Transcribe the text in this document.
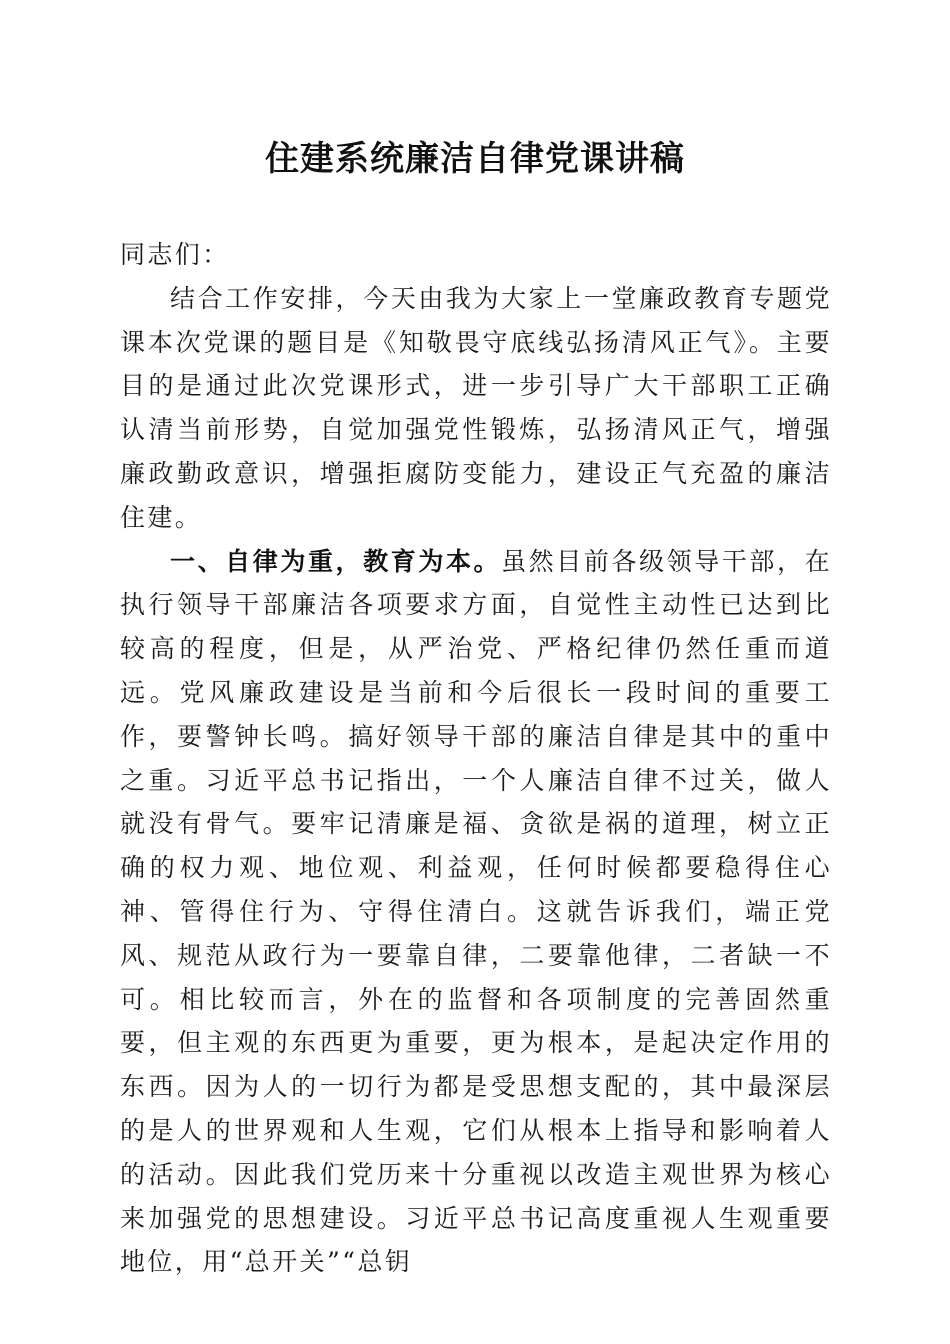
住建系统廉洁自律党课讲稿

同志们：

结合工作安排，今天由我为大家上一堂廉政教育专题党课本次党课的题目是《知敬畏守底线弘扬清风正气》。主要目的是通过此次党课形式，进一步引导广大干部职工正确认清当前形势，自觉加强党性锻炼，弘扬清风正气，增强廉政勤政意识，增强拒腐防变能力，建设正气充盈的廉洁住建。

一、自律为重，教育为本。虽然目前各级领导干部，在执行领导干部廉洁各项要求方面，自觉性主动性已达到比较高的程度，但是，从严治党、严格纪律仍然任重而道远。党风廉政建设是当前和今后很长一段时间的重要工作，要警钟长鸣。搞好领导干部的廉洁自律是其中的重中之重。习近平总书记指出，一个人廉洁自律不过关，做人就没有骨气。要牢记清廉是福、贪欲是祸的道理，树立正确的权力观、地位观、利益观，任何时候都要稳得住心神、管得住行为、守得住清白。这就告诉我们，端正党风、规范从政行为一要靠自律，二要靠他律，二者缺一不可。相比较而言，外在的监督和各项制度的完善固然重要，但主观的东西更为重要，更为根本，是起决定作用的东西。因为人的一切行为都是受思想支配的，其中最深层的是人的世界观和人生观，它们从根本上指导和影响着人的活动。因此我们党历来十分重视以改造主观世界为核心来加强党的思想建设。习近平总书记高度重视人生观重要地位，用“总开关”“总钥
